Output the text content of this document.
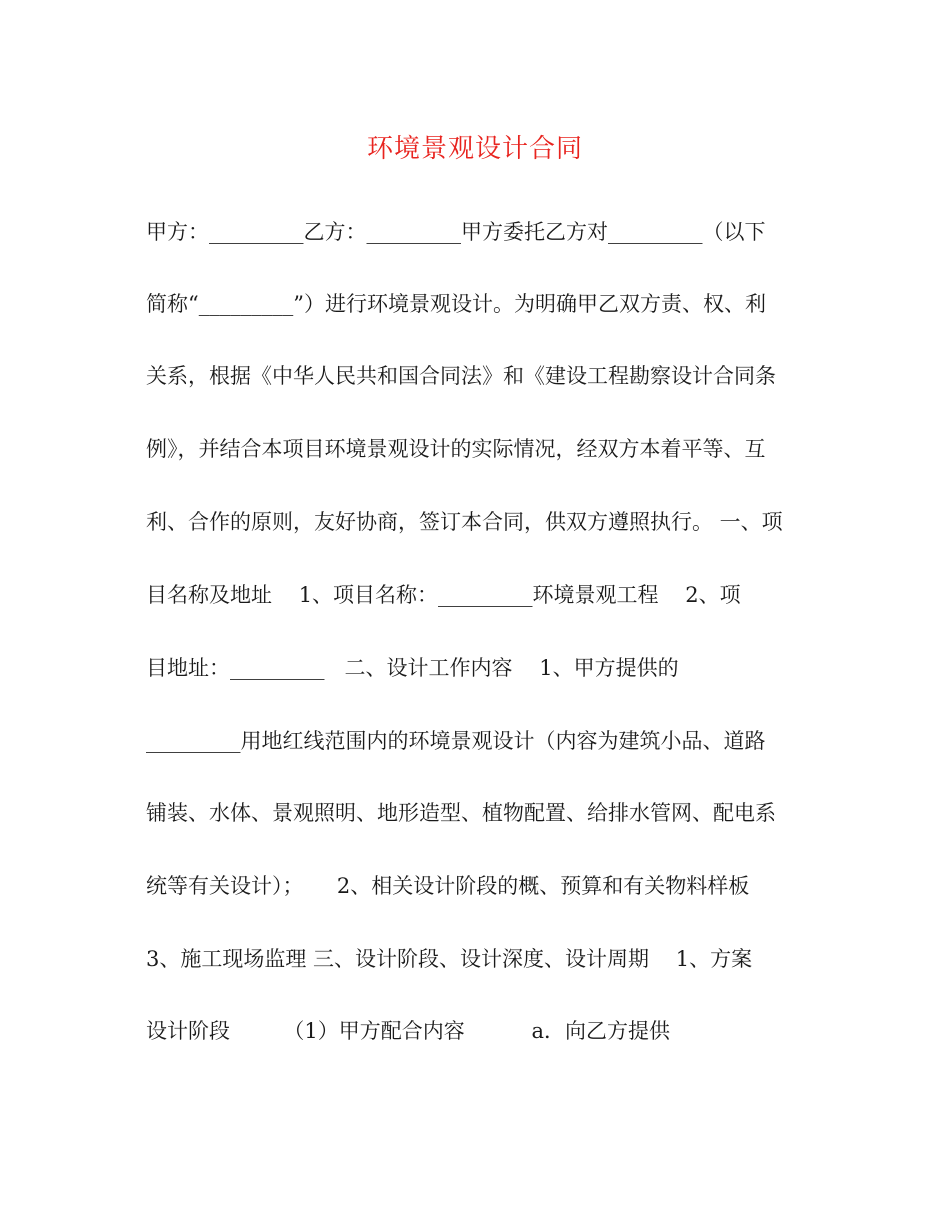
环境景观设计合同
甲方：_________乙方：_________甲方委托乙方对_________（以下
简称“_________”）进行环境景观设计。为明确甲乙双方责、权、利
关系，根据《中华人民共和国合同法》和《建设工程勘察设计合同条
例》，并结合本项目环境景观设计的实际情况，经双方本着平等、互
利、合作的原则，友好协商，签订本合同，供双方遵照执行。 一、项
目名称及地址    1、项目名称：_________环境景观工程    2、项
目地址：_________   二、设计工作内容    1、甲方提供的
_________用地红线范围内的环境景观设计（内容为建筑小品、道路
铺装、水体、景观照明、地形造型、植物配置、给排水管网、配电系
统等有关设计）；     2、相关设计阶段的概、预算和有关物料样板
3、施工现场监理 三、设计阶段、设计深度、设计周期    1、方案
设计阶段        （1）甲方配合内容          a．向乙方提供
